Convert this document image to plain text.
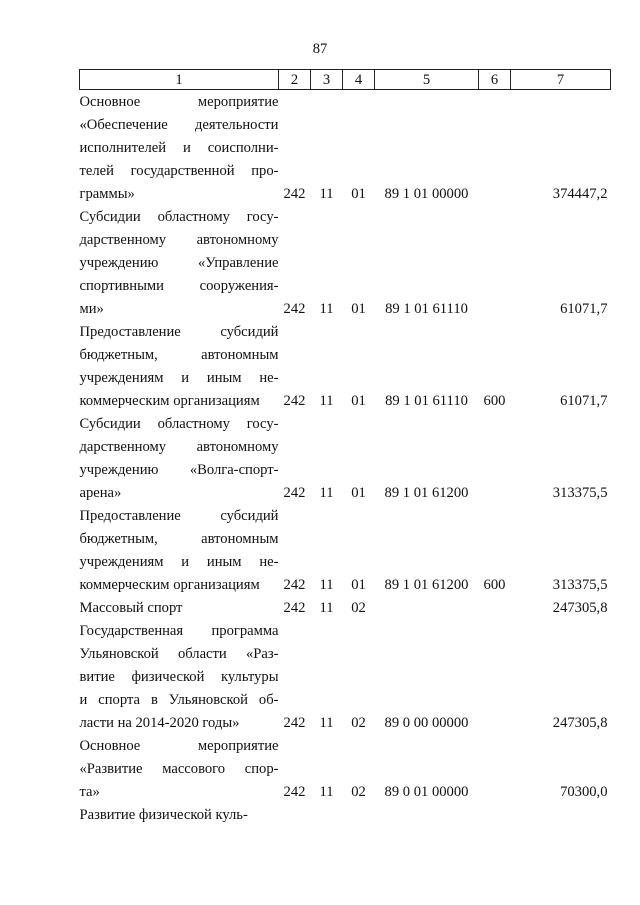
87
1	2	3	4	5	6	7

Основное мероприятие
«Обеспечение деятельности
исполнителей и соисполни-
телей государственной про-
граммы»	242	11	01	89 1 01 00000		374447,2

Субсидии областному госу-
дарственному автономному
учреждению «Управление
спортивными сооружения-
ми»	242	11	01	89 1 01 61110		61071,7

Предоставление субсидий
бюджетным, автономным
учреждениям и иным не-
коммерческим организациям	242	11	01	89 1 01 61110	600	61071,7

Субсидии областному госу-
дарственному автономному
учреждению «Волга-спорт-
арена»	242	11	01	89 1 01 61200		313375,5

Предоставление субсидий
бюджетным, автономным
учреждениям и иным не-
коммерческим организациям	242	11	01	89 1 01 61200	600	313375,5

Массовый спорт	242	11	02			247305,8

Государственная программа
Ульяновской области «Раз-
витие физической культуры
и спорта в Ульяновской об-
ласти на 2014-2020 годы»	242	11	02	89 0 00 00000		247305,8

Основное мероприятие
«Развитие массового спор-
та»	242	11	02	89 0 01 00000		70300,0

Развитие физической куль-						
